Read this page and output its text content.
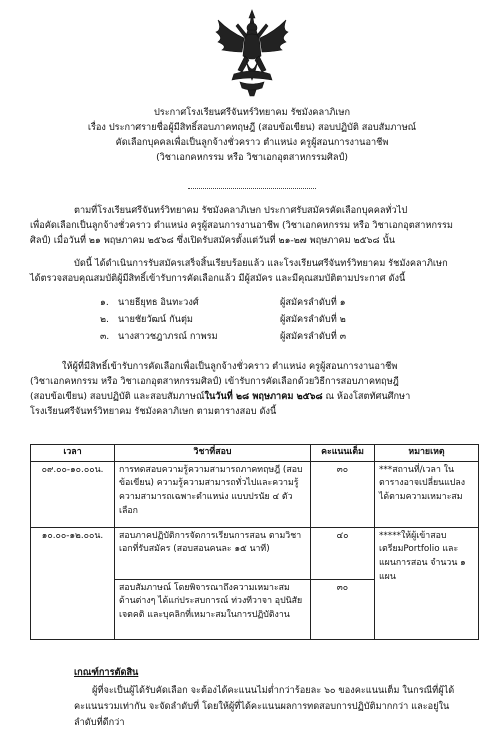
ประกาศโรงเรียนศรีจันทร์วิทยาคม รัชมังคลาภิเษก
เรื่อง ประกาศรายชื่อผู้มีสิทธิ์สอบภาคทฤษฎี (สอบข้อเขียน) สอบปฏิบัติ สอบสัมภาษณ์
คัดเลือกบุคคลเพื่อเป็นลูกจ้างชั่วคราว ตำแหน่ง ครูผู้สอนการงานอาชีพ
(วิชาเอกคหกรรม หรือ วิชาเอกอุตสาหกรรมศิลป์)
ตามที่โรงเรียนศรีจันทร์วิทยาคม รัชมังคลาภิเษก ประกาศรับสมัครคัดเลือกบุคคลทั่วไป
เพื่อคัดเลือกเป็นลูกจ้างชั่วคราว ตำแหน่ง ครูผู้สอนการงานอาชีพ (วิชาเอกคหกรรม หรือ วิชาเอกอุตสาหกรรม
ศิลป์) เมื่อวันที่ ๒๑ พฤษภาคม ๒๕๖๘ ซึ่งเปิดรับสมัครตั้งแต่วันที่ ๒๑-๒๗ พฤษภาคม ๒๕๖๘ นั้น
บัดนี้ ได้ดำเนินการรับสมัครเสร็จสิ้นเรียบร้อยแล้ว และโรงเรียนศรีจันทร์วิทยาคม รัชมังคลาภิเษก
ได้ตรวจสอบคุณสมบัติผู้มีสิทธิ์เข้ารับการคัดเลือกแล้ว มีผู้สมัคร และมีคุณสมบัติตามประกาศ ดังนี้
๑. นายธียุทธ อินทะวงศ์	ผู้สมัครลำดับที่ ๑
๒. นายชัยวัฒน์ กันตุ่ม	ผู้สมัครลำดับที่ ๒
๓. นางสาวชฎาภรณ์ กาพรม	ผู้สมัครลำดับที่ ๓
ให้ผู้ที่มีสิทธิ์เข้ารับการคัดเลือกเพื่อเป็นลูกจ้างชั่วคราว ตำแหน่ง ครูผู้สอนการงานอาชีพ
(วิชาเอกคหกรรม หรือ วิชาเอกอุตสาหกรรมศิลป์) เข้ารับการคัดเลือกด้วยวิธีการสอบภาคทฤษฎี
(สอบข้อเขียน) สอบปฏิบัติ และสอบสัมภาษณ์ในวันที่ ๒๘ พฤษภาคม ๒๕๖๘ ณ ห้องโสตทัศนศึกษา
โรงเรียนศรีจันทร์วิทยาคม รัชมังคลาภิเษก ตามตารางสอบ ดังนี้
เวลา	วิชาที่สอบ	คะแนนเต็ม	หมายเหตุ
๐๙.๐๐-๑๐.๐๐น.	การทดสอบความรู้ความสามารถภาคทฤษฎี (สอบข้อเขียน) ความรู้ความสามารถทั่วไปและความรู้ความสามารถเฉพาะตำแหน่ง แบบปรนัย ๔ ตัวเลือก	๓๐	***สถานที่/เวลา ในตารางอาจเปลี่ยนแปลงได้ตามความเหมาะสม
๑๐.๐๐-๑๒.๐๐น.	สอบภาคปฏิบัติการจัดการเรียนการสอน ตามวิชาเอกที่รับสมัคร (สอบสอนคนละ ๑๕ นาที)	๔๐	*****ให้ผู้เข้าสอบเตรียมPortfolio และ แผนการสอน จำนวน ๑ แผน
	สอบสัมภาษณ์ โดยพิจารณาถึงความเหมาะสมด้านต่างๆ ได้แก่ประสบการณ์ ท่วงทีวาจา อุปนิสัย เจตคติ และบุคลิกที่เหมาะสมในการปฏิบัติงาน	๓๐	
เกณฑ์การตัดสิน
ผู้ที่จะเป็นผู้ได้รับคัดเลือก จะต้องได้คะแนนไม่ต่ำกว่าร้อยละ ๖๐ ของคะแนนเต็ม ในกรณีที่ผู้ได้
คะแนนรวมเท่ากัน จะจัดลำดับที่ โดยให้ผู้ที่ได้คะแนนผลการทดสอบการปฏิบัติมากกว่า และอยู่ใน
ลำดับที่ดีกว่า
